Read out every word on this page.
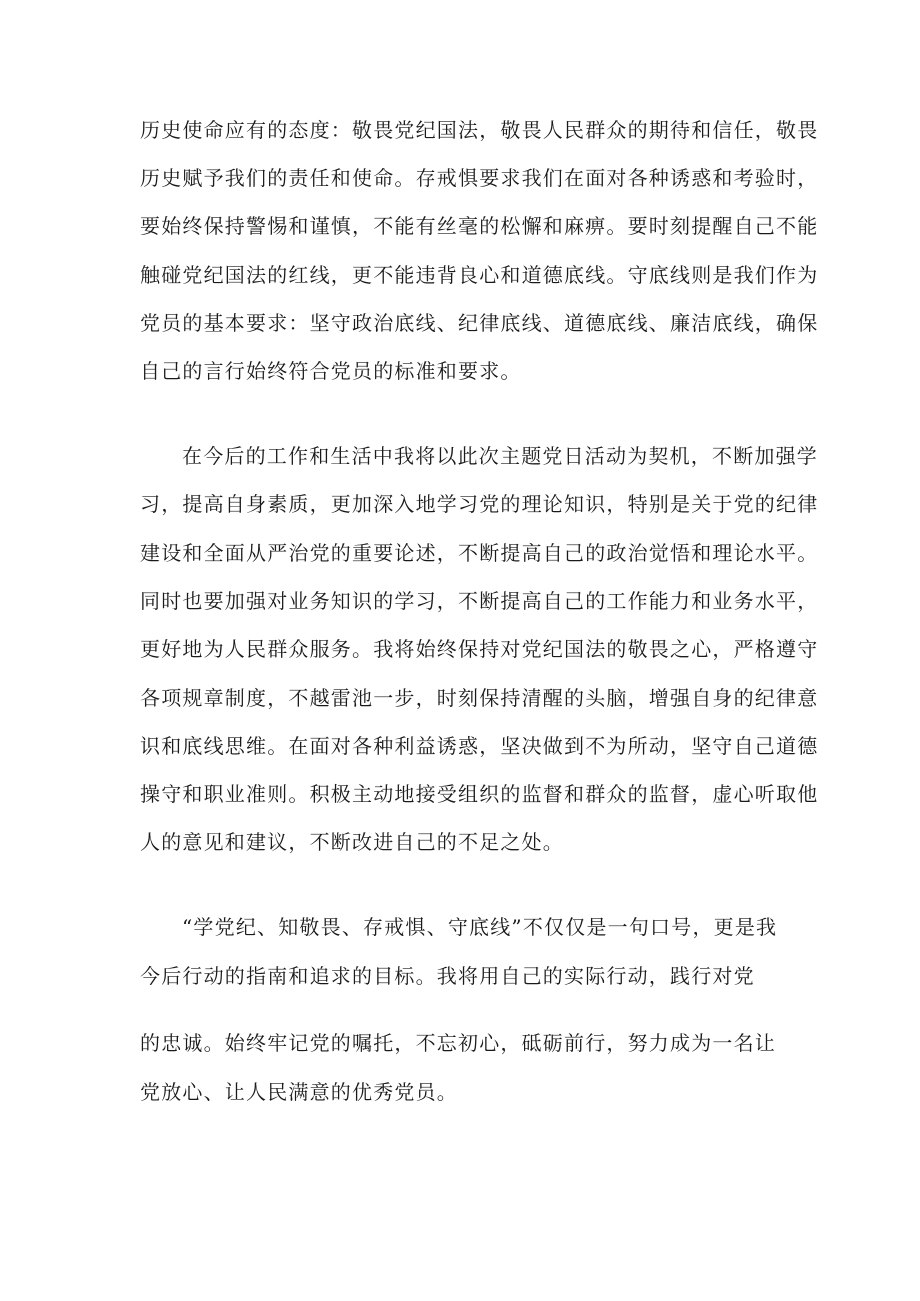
历史使命应有的态度：敬畏党纪国法，敬畏人民群众的期待和信任，敬畏
历史赋予我们的责任和使命。存戒惧要求我们在面对各种诱惑和考验时，
要始终保持警惕和谨慎，不能有丝毫的松懈和麻痹。要时刻提醒自己不能
触碰党纪国法的红线，更不能违背良心和道德底线。守底线则是我们作为
党员的基本要求：坚守政治底线、纪律底线、道德底线、廉洁底线，确保
自己的言行始终符合党员的标准和要求。
在今后的工作和生活中我将以此次主题党日活动为契机，不断加强学
习，提高自身素质，更加深入地学习党的理论知识，特别是关于党的纪律
建设和全面从严治党的重要论述，不断提高自己的政治觉悟和理论水平。
同时也要加强对业务知识的学习，不断提高自己的工作能力和业务水平，
更好地为人民群众服务。我将始终保持对党纪国法的敬畏之心，严格遵守
各项规章制度，不越雷池一步，时刻保持清醒的头脑，增强自身的纪律意
识和底线思维。在面对各种利益诱惑，坚决做到不为所动，坚守自己道德
操守和职业准则。积极主动地接受组织的监督和群众的监督，虚心听取他
人的意见和建议，不断改进自己的不足之处。
“学党纪、知敬畏、存戒惧、守底线”不仅仅是一句口号，更是我
今后行动的指南和追求的目标。我将用自己的实际行动，践行对党
的忠诚。始终牢记党的嘱托，不忘初心，砥砺前行，努力成为一名让
党放心、让人民满意的优秀党员。
